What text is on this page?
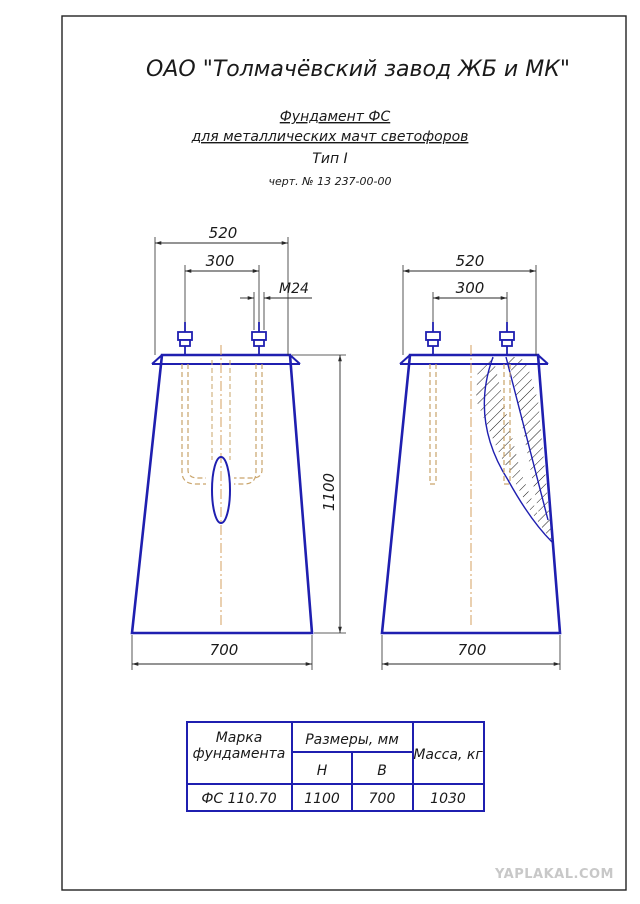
ОАО "Толмачёвский завод ЖБ и МК"
Фундамент ФС
для металлических мачт светофоров
Тип I
черт. № 13 237-00-00
520
300
M24
1100
700
520
300
700
Марка
фундамента
Размеры, мм
H	B
Масса, кг
ФС 110.70 1100 700 1030
YAPLAKAL.COM
